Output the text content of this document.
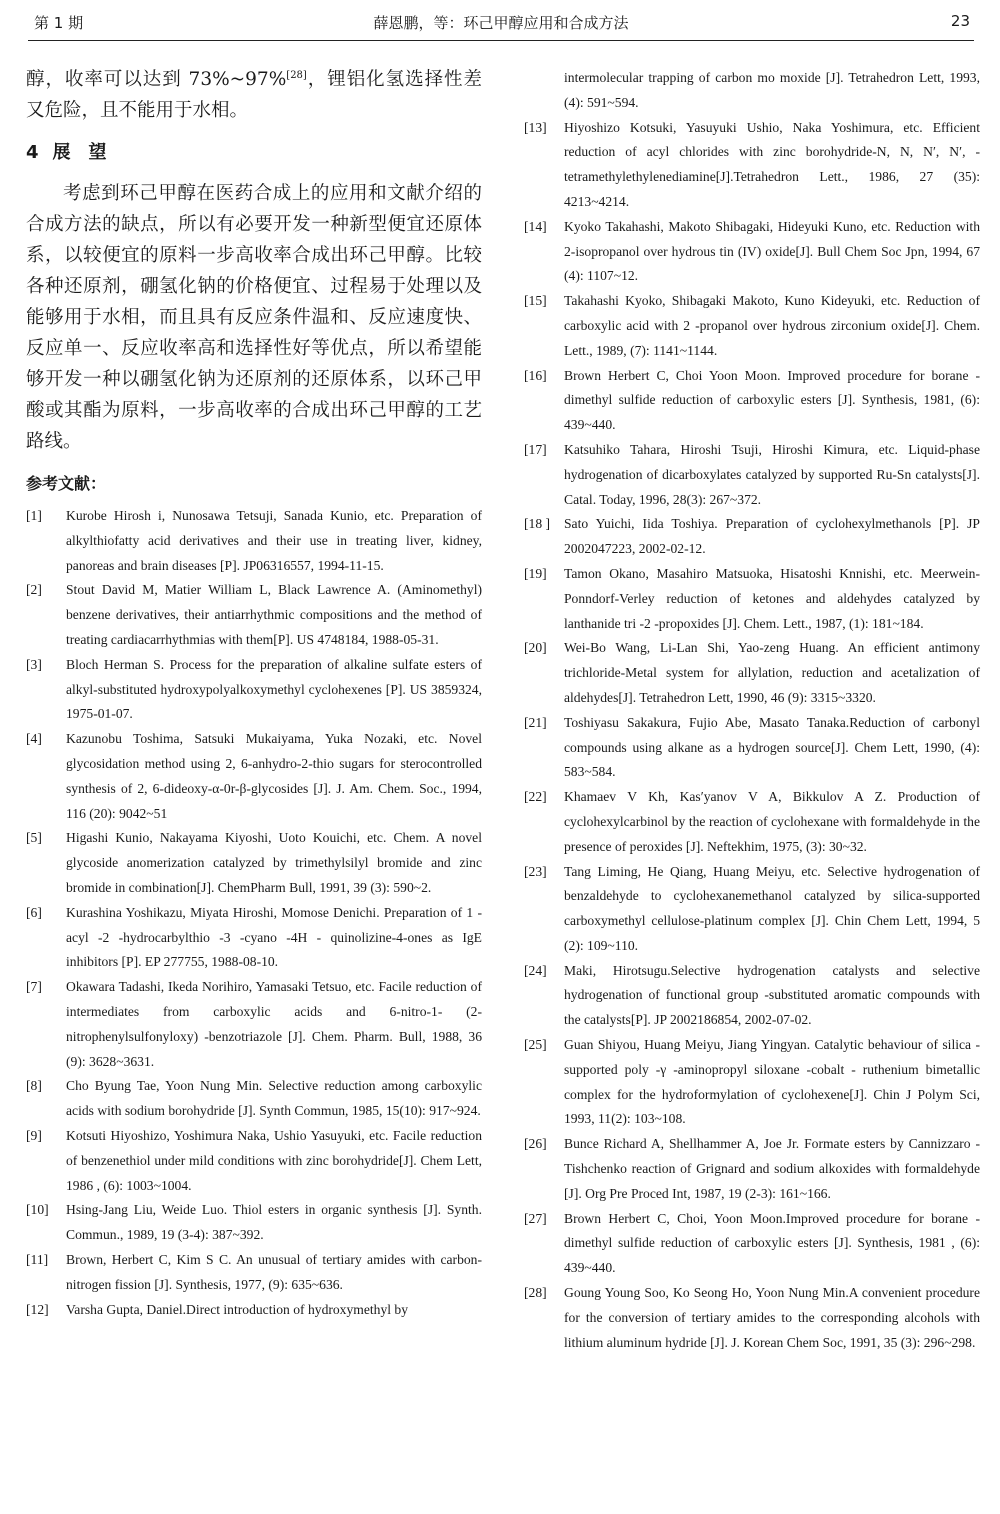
第 1 期	薛恩鹏，等：环己甲醇应用和合成方法	23

醇，收率可以达到 73%~97%[28]，锂铝化氢选择性差又危险，且不能用于水相。

4 展　望

考虑到环己甲醇在医药合成上的应用和文献介绍的合成方法的缺点，所以有必要开发一种新型便宜还原体系，以较便宜的原料一步高收率合成出环己甲醇。比较各种还原剂，硼氢化钠的价格便宜、过程易于处理以及能够用于水相，而且具有反应条件温和、反应速度快、反应单一、反应收率高和选择性好等优点，所以希望能够开发一种以硼氢化钠为还原剂的还原体系，以环己甲酸或其酯为原料，一步高收率的合成出环己甲醇的工艺路线。

参考文献：

[1] Kurobe Hirosh i, Nunosawa Tetsuji, Sanada Kunio, etc. Preparation of alkylthiofatty acid derivatives and their use in treating liver, kidney, panoreas and brain diseases [P]. JP06316557, 1994-11-15.

[2] Stout David M, Matier William L, Black Lawrence A. (Aminomethyl) benzene derivatives, their antiarrhythmic compositions and the method of treating cardiacarrhythmias with them[P]. US 4748184, 1988-05-31.

[3] Bloch Herman S. Process for the preparation of alkaline sulfate esters of alkyl-substituted hydroxypolyalkoxymethyl cyclohexenes [P]. US 3859324, 1975-01-07.

[4] Kazunobu Toshima, Satsuki Mukaiyama, Yuka Nozaki, etc. Novel glycosidation method using 2, 6-anhydro-2-thio sugars for sterocontrolled synthesis of 2, 6-dideoxy-α-0r-β-glycosides [J]. J. Am. Chem. Soc., 1994, 116 (20): 9042~51

[5] Higashi Kunio, Nakayama Kiyoshi, Uoto Kouichi, etc. Chem. A novel glycoside anomerization catalyzed by trimethylsilyl bromide and zinc bromide in combination[J]. ChemPharm Bull, 1991, 39 (3): 590~2.

[6] Kurashina Yoshikazu, Miyata Hiroshi, Momose Denichi. Preparation of 1 -acyl -2 -hydrocarbylthio -3 -cyano -4H - quinolizine-4-ones as IgE inhibitors [P]. EP 277755, 1988-08-10.

[7] Okawara Tadashi, Ikeda Norihiro, Yamasaki Tetsuo, etc. Facile reduction of intermediates from carboxylic acids and 6-nitro-1- (2-nitrophenylsulfonyloxy) -benzotriazole [J]. Chem. Pharm. Bull, 1988, 36 (9): 3628~3631.

[8] Cho Byung Tae, Yoon Nung Min. Selective reduction among carboxylic acids with sodium borohydride [J]. Synth Commun, 1985, 15(10): 917~924.

[9] Kotsuti Hiyoshizo, Yoshimura Naka, Ushio Yasuyuki, etc. Facile reduction of benzenethiol under mild conditions with zinc borohydride[J]. Chem Lett, 1986 , (6): 1003~1004.

[10] Hsing-Jang Liu, Weide Luo. Thiol esters in organic synthesis [J]. Synth. Commun., 1989, 19 (3-4): 387~392.

[11] Brown, Herbert C, Kim S C. An unusual of tertiary amides with carbon-nitrogen fission [J]. Synthesis, 1977, (9): 635~636.

[12] Varsha Gupta, Daniel.Direct introduction of hydroxymethyl by

intermolecular trapping of carbon mo moxide [J]. Tetrahedron Lett, 1993, (4): 591~594.

[13] Hiyoshizo Kotsuki, Yasuyuki Ushio, Naka Yoshimura, etc. Efficient reduction of acyl chlorides with zinc borohydride-N, N, N′, N′, -tetramethylethylenediamine[J].Tetrahedron Lett., 1986, 27 (35): 4213~4214.

[14] Kyoko Takahashi, Makoto Shibagaki, Hideyuki Kuno, etc. Reduction with 2-isopropanol over hydrous tin (IV) oxide[J]. Bull Chem Soc Jpn, 1994, 67 (4): 1107~12.

[15] Takahashi Kyoko, Shibagaki Makoto, Kuno Kideyuki, etc. Reduction of carboxylic acid with 2 -propanol over hydrous zirconium oxide[J]. Chem. Lett., 1989, (7): 1141~1144.

[16] Brown Herbert C, Choi Yoon Moon. Improved procedure for borane -dimethyl sulfide reduction of carboxylic esters [J]. Synthesis, 1981, (6): 439~440.

[17] Katsuhiko Tahara, Hiroshi Tsuji, Hiroshi Kimura, etc. Liquid-phase hydrogenation of dicarboxylates catalyzed by supported Ru-Sn catalysts[J]. Catal. Today, 1996, 28(3): 267~372.

[18 ] Sato Yuichi, Iida Toshiya. Preparation of cyclohexylmethanols [P]. JP 2002047223, 2002-02-12.

[19] Tamon Okano, Masahiro Matsuoka, Hisatoshi Knnishi, etc. Meerwein-Ponndorf-Verley reduction of ketones and aldehydes catalyzed by lanthanide tri -2 -propoxides [J]. Chem. Lett., 1987, (1): 181~184.

[20] Wei-Bo Wang, Li-Lan Shi, Yao-zeng Huang. An efficient antimony trichloride-Metal system for allylation, reduction and acetalization of aldehydes[J]. Tetrahedron Lett, 1990, 46 (9): 3315~3320.

[21] Toshiyasu Sakakura, Fujio Abe, Masato Tanaka.Reduction of carbonyl compounds using alkane as a hydrogen source[J]. Chem Lett, 1990, (4): 583~584.

[22] Khamaev V Kh, Kas′yanov V A, Bikkulov A Z. Production of cyclohexylcarbinol by the reaction of cyclohexane with formaldehyde in the presence of peroxides [J]. Neftekhim, 1975, (3): 30~32.

[23] Tang Liming, He Qiang, Huang Meiyu, etc. Selective hydrogenation of benzaldehyde to cyclohexanemethanol catalyzed by silica-supported carboxymethyl cellulose-platinum complex [J]. Chin Chem Lett, 1994, 5 (2): 109~110.

[24] Maki, Hirotsugu.Selective hydrogenation catalysts and selective hydrogenation of functional group -substituted aromatic compounds with the catalysts[P]. JP 2002186854, 2002-07-02.

[25] Guan Shiyou, Huang Meiyu, Jiang Yingyan. Catalytic behaviour of silica -supported poly -γ -aminopropyl siloxane -cobalt - ruthenium bimetallic complex for the hydroformylation of cyclohexene[J]. Chin J Polym Sci, 1993, 11(2): 103~108.

[26] Bunce Richard A, Shellhammer A, Joe Jr. Formate esters by Cannizzaro -Tishchenko reaction of Grignard and sodium alkoxides with formaldehyde [J]. Org Pre Proced Int, 1987, 19 (2-3): 161~166.

[27] Brown Herbert C, Choi, Yoon Moon.Improved procedure for borane -dimethyl sulfide reduction of carboxylic esters [J]. Synthesis, 1981 , (6): 439~440.

[28] Goung Young Soo, Ko Seong Ho, Yoon Nung Min.A convenient procedure for the conversion of tertiary amides to the corresponding alcohols with lithium aluminum hydride [J]. J. Korean Chem Soc, 1991, 35 (3): 296~298.
